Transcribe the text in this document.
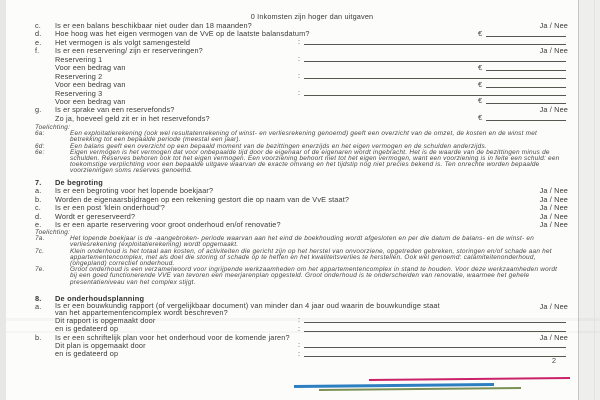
0 Inkomsten zijn hoger dan uitgaven
c. Is er een balans beschikbaar niet ouder dan 18 maanden?	Ja / Nee
d. Hoe hoog was het eigen vermogen van de VvE op de laatste balansdatum?	€
e. Het vermogen is als volgt samengesteld	:
f. Is er een reservering/ zijn er reserveringen?	Ja / Nee
Reservering 1	:
Voor een bedrag van	€
Reservering 2	:
Voor een bedrag van	€
Reservering 3	:
Voor een bedrag van	€
g. Is er sprake van een reservefonds?	Ja / Nee
Zo ja, hoeveel geld zit er in het reservefonds?	€
Toelichting:
6a:	Een exploitatierekening (ook wel resultatenrekening of winst- en verliesrekening genoemd) geeft een overzicht van de omzet, de kosten en de winst met betrekking tot een bepaalde periode (meestal een jaar).
6d:	Een balans geeft een overzicht op een bepaald moment van de bezittingen enerzijds en het eigen vermogen en de schulden anderzijds.
6e:	Eigen vermogen is het vermogen dat voor onbepaalde tijd door de eigenaar of de eigenaren wordt ingebracht. Het is de waarde van de bezittingen minus de schulden. Reserves behoren ook tot het eigen vermogen. Een voorziening behoort niet tot het eigen vermogen, want een voorziening is in feite een schuld: een toekomstige verplichting voor een bepaalde uitgave waarvan de exacte omvang en het tijdstip nog niet precies bekend is. Ten onrechte worden bepaalde voorzieningen soms reserves genoemd.
7. De begroting
a. Is er een begroting voor het lopende boekjaar?	Ja / Nee
b. Worden de eigenaarsbijdragen op een rekening gestort die op naam van de VvE staat?	Ja / Nee
c. Is er een post 'klein onderhoud'?	Ja / Nee
d. Wordt er gereserveerd?	Ja / Nee
e. Is er een aparte reservering voor groot onderhoud en/of renovatie?	Ja / Nee
Toelichting:
7a.	Het lopende boekjaar is de -aangebroken- periode waarvan aan het eind de boekhouding wordt afgesloten en per die datum de balans- en de winst- en verliesrekening (exploitatierekening) wordt opgemaakt.
7c.	Klein onderhoud is het totaal aan kosten, of activiteiten die gericht zijn op het herstel van onvoorziene, opgetreden gebreken, storingen en/of schade aan het appartementencomplex, met als doel die storing of schade op te heffen en het kwaliteitsverlies te herstellen. Ook wel genoemd: calamiteitenonderhoud, (ongepland) correctief onderhoud.
7e.	Groot onderhoud is een verzamelwoord voor ingrijpende werkzaamheden om het appartementencomplex in stand te houden. Voor deze werkzaamheden wordt bij een goed functionerende VVE van tevoren een meerjarenplan opgesteld. Groot onderhoud is te onderscheiden van renovatie, waarmee het gehele presentatieniveau van het complex stijgt.
8. De onderhoudsplanning
a. Is er een bouwkundig rapport (of vergelijkbaar document) van minder dan 4 jaar oud waarin de bouwkundige staat van het appartementencomplex wordt beschreven?
Ja / Nee
Dit rapport is opgemaakt door	:
en is gedateerd op	:
b. Is er een schriftelijk plan voor het onderhoud voor de komende jaren?	Ja / Nee
Dit plan is opgemaakt door	:
en is gedateerd op	:
2
